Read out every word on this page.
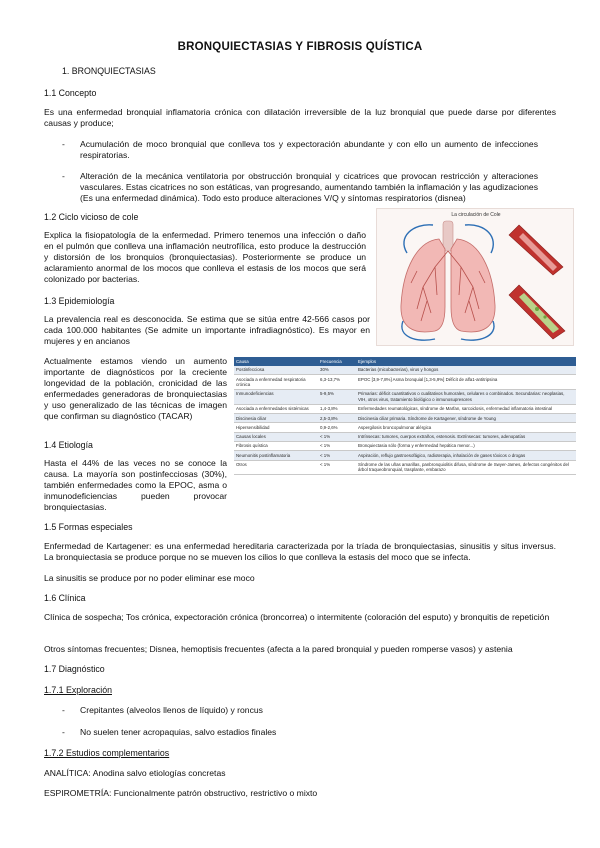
BRONQUIECTASIAS Y FIBROSIS QUÍSTICA
1. BRONQUIECTASIAS
1.1 Concepto
Es una enfermedad bronquial inflamatoria crónica con dilatación irreversible de la luz bronquial que puede darse por diferentes causas y produce;
- Acumulación de moco bronquial que conlleva tos y expectoración abundante y con ello un aumento de infecciones respiratorias.
- Alteración de la mecánica ventilatoria por obstrucción bronquial y cicatrices que provocan restricción y alteraciones vasculares. Estas cicatrices no son estáticas, van progresando, aumentando también la inflamación y las agudizaciones (Es una enfermedad dinámica). Todo esto produce alteraciones V/Q y síntomas respiratorios (disnea)
1.2 Ciclo vicioso de cole
Explica la fisiopatología de la enfermedad. Primero tenemos una infección o daño en el pulmón que conlleva una inflamación neutrofílica, esto produce la destrucción y distorsión de los bronquios (bronquiectasias). Posteriormente se produce un aclaramiento anormal de los mocos que conlleva el estasis de los mocos que será colonizado por bacterias.
La circulación de Cole
1.3 Epidemiología
La prevalencia real es desconocida. Se estima que se sitúa entre 42-566 casos por cada 100.000 habitantes (Se admite un importante infradiagnóstico). Es mayor en mujeres y en ancianos
Actualmente estamos viendo un aumento importante de diagnósticos por la creciente longevidad de la población, cronicidad de las enfermedades generadoras de bronquiectasias y uso generalizado de las técnicas de imagen que confirman su diagnóstico (TACAR)
1.4 Etiología
Hasta el 44% de las veces no se conoce la causa. La mayoría son postinfecciosas (30%), también enfermedades como la EPOC, asma o inmunodeficiencias pueden provocar bronquiectasias.
Causa	Frecuencia	Ejemplos
Postinfecciosa	30%	Bacterias (micobacterias), virus y hongos
Asociada a enfermedad respiratoria crónica	6,3-13,7%	EPOC [3,9-7,8%] Asma bronquial [1,3-5,9%] Déficit de alfa1-antitripsina
Inmunodeficiencias	5-9,5%	Primarias: déficit cuantitativos o cualitativos humorales, celulares o combinados. Secundarias: neoplasias, VIH, otros virus, tratamiento biológico o inmunosupresores
Asociada a enfermedades sistémicas	1,4-3,8%	Enfermedades reumatológicas, síndrome de Marfan, sarcoidosis, enfermedad inflamatoria intestinal
Discinesia ciliar	2,5-3,8%	Discinesia ciliar primaria. Síndrome de Kartagener, síndrome de Young
Hipersensibilidad	0,9-2,6%	Aspergilosis broncopulmonar alérgica
Causas locales	< 1%	Intrínsecas: tumores, cuerpos extraños, estenosis. Extrínsecas: tumores, adenopatías
Fibrosis quística	< 1%	Bronquiectasia sólo (forma y enfermedad hepática menor...)
Neumonitis postinflamatoria	< 1%	Aspiración, reflujo gastroesofágico, radioterapia, inhalación de gases tóxicos o drogas
Otros	< 1%	Síndrome de las uñas amarillas, panbronquiolitis difusa, síndrome de Swyer-James, defectos congénitos del árbol traqueobronquial, trasplante, embarazo
1.5 Formas especiales
Enfermedad de Kartagener: es una enfermedad hereditaria caracterizada por la tríada de bronquiectasias, sinusitis y situs inversus. La bronquiectasia se produce porque no se mueven los cilios lo que conlleva la estasis del moco que se infecta.
La sinusitis se produce por no poder eliminar ese moco
1.6 Clínica
Clínica de sospecha; Tos crónica, expectoración crónica (broncorrea) o intermitente (coloración del esputo) y bronquitis de repetición
Otros síntomas frecuentes; Disnea, hemoptisis frecuentes (afecta a la pared bronquial y pueden romperse vasos) y astenia
1.7 Diagnóstico
1.7.1 Exploración
- Crepitantes (alveolos llenos de líquido) y roncus
- No suelen tener acropaquias, salvo estadios finales
1.7.2 Estudios complementarios
ANALÍTICA: Anodina salvo etiologías concretas
ESPIROMETRÍA: Funcionalmente patrón obstructivo, restrictivo o mixto
